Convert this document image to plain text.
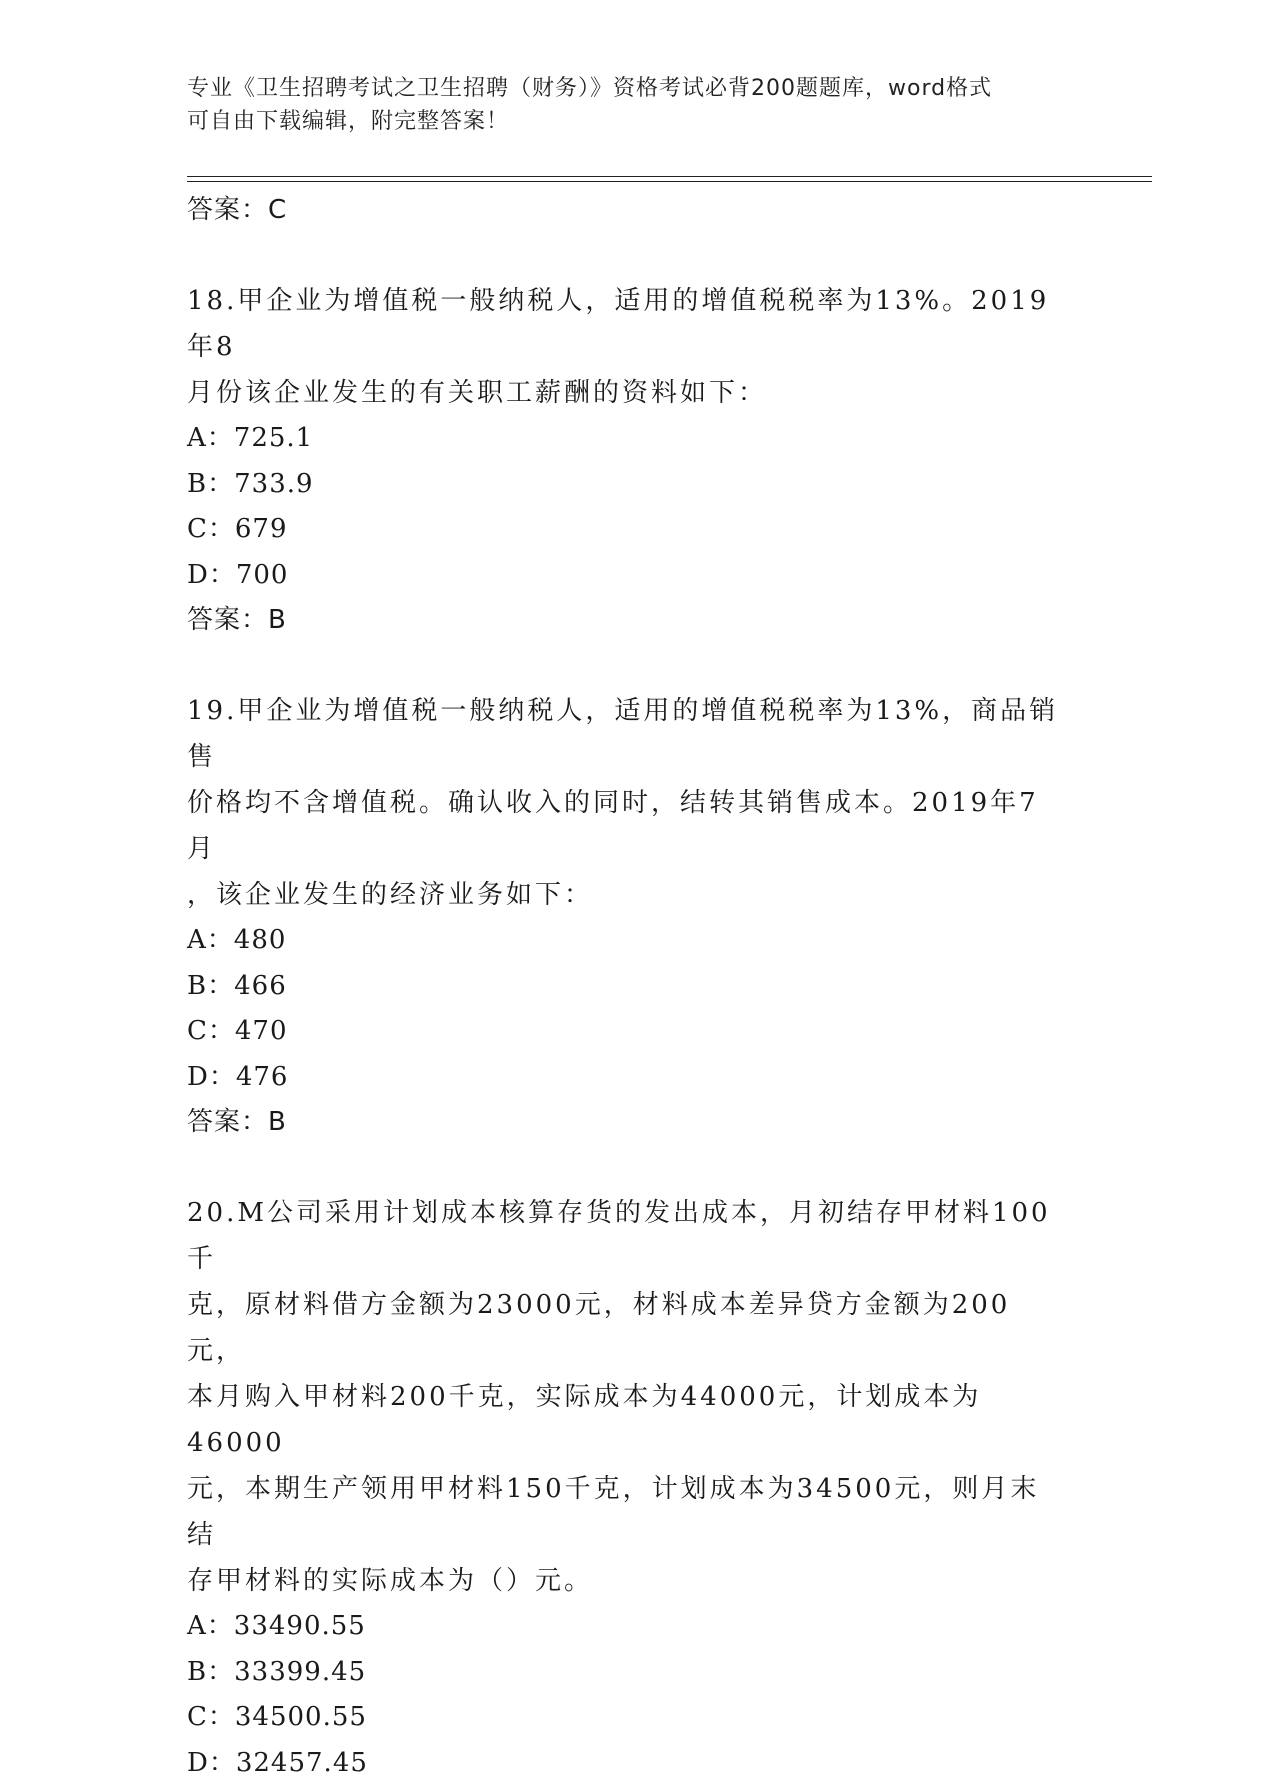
专业《卫生招聘考试之卫生招聘（财务）》资格考试必背200题题库，word格式
可自由下载编辑，附完整答案！
答案：C
18.甲企业为增值税一般纳税人，适用的增值税税率为13%。2019年8
月份该企业发生的有关职工薪酬的资料如下：
A：725.1
B：733.9
C：679
D：700
答案：B
19.甲企业为增值税一般纳税人，适用的增值税税率为13%，商品销售
价格均不含增值税。确认收入的同时，结转其销售成本。2019年7月
，该企业发生的经济业务如下：
A：480
B：466
C：470
D：476
答案：B
20.M公司采用计划成本核算存货的发出成本，月初结存甲材料100千
克，原材料借方金额为23000元，材料成本差异贷方金额为200元，
本月购入甲材料200千克，实际成本为44000元，计划成本为46000
元，本期生产领用甲材料150千克，计划成本为34500元，则月末结
存甲材料的实际成本为（）元。
A：33490.55
B：33399.45
C：34500.55
D：32457.45
